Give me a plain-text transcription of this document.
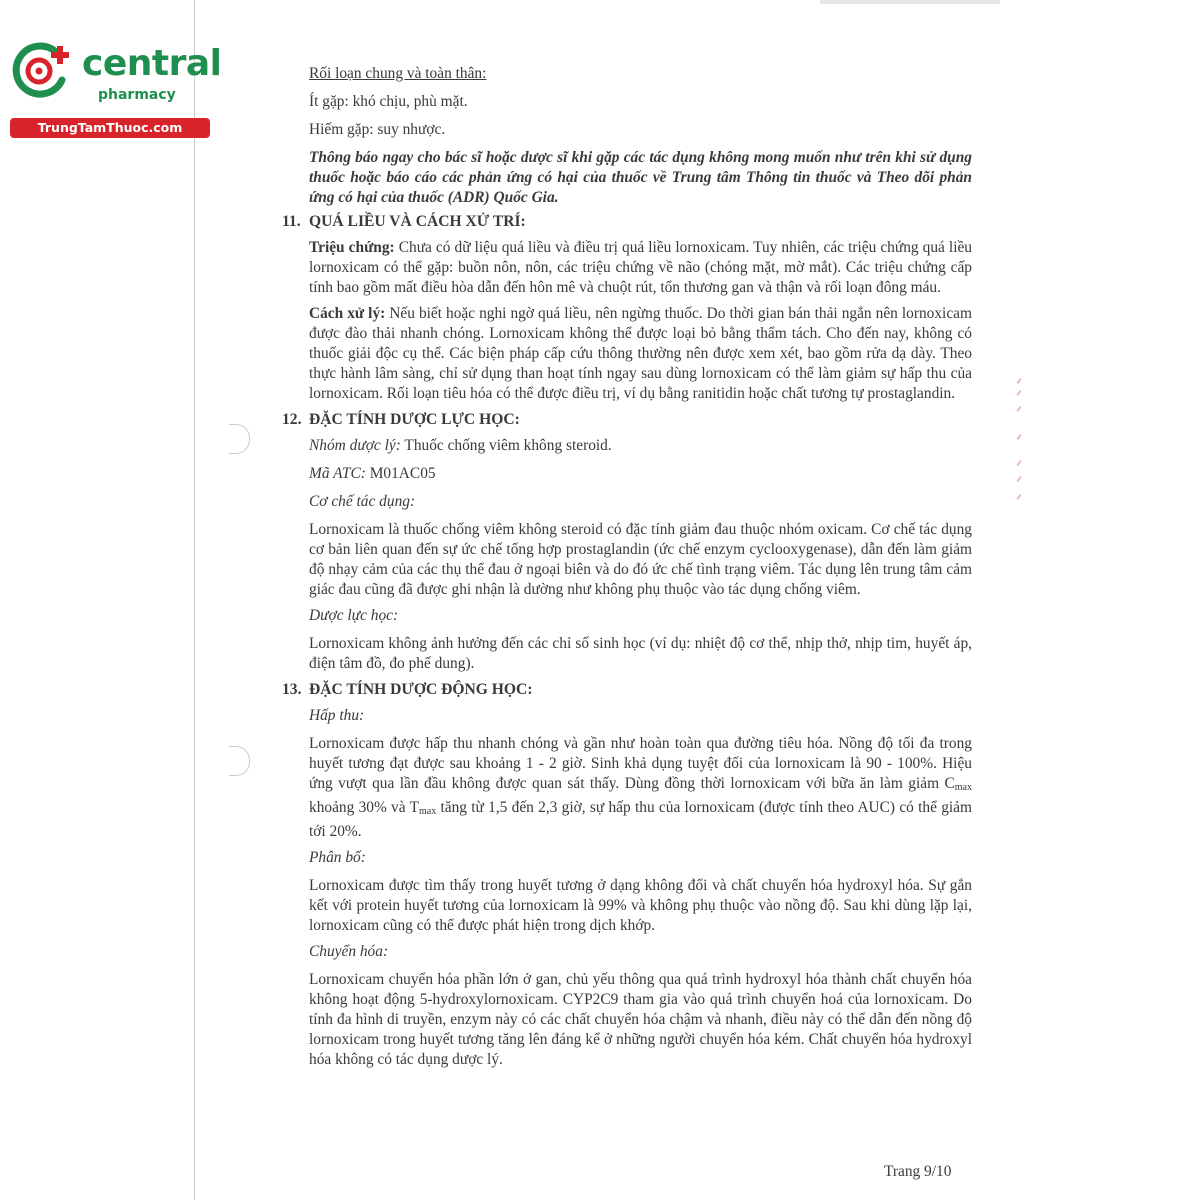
central
pharmacy
TrungTamThuoc.com
Rối loạn chung và toàn thân:
Ít gặp: khó chịu, phù mặt.
Hiếm gặp: suy nhược.
Thông báo ngay cho bác sĩ hoặc dược sĩ khi gặp các tác dụng không mong muốn như trên khi sử dụng thuốc hoặc báo cáo các phản ứng có hại của thuốc về Trung tâm Thông tin thuốc và Theo dõi phản ứng có hại của thuốc (ADR) Quốc Gia.
11. QUÁ LIỀU VÀ CÁCH XỬ TRÍ:
Triệu chứng: Chưa có dữ liệu quá liều và điều trị quá liều lornoxicam. Tuy nhiên, các triệu chứng quá liều lornoxicam có thể gặp: buồn nôn, nôn, các triệu chứng về não (chóng mặt, mờ mắt). Các triệu chứng cấp tính bao gồm mất điều hòa dẫn đến hôn mê và chuột rút, tổn thương gan và thận và rối loạn đông máu.
Cách xử lý: Nếu biết hoặc nghi ngờ quá liều, nên ngừng thuốc. Do thời gian bán thải ngắn nên lornoxicam được đào thải nhanh chóng. Lornoxicam không thể được loại bỏ bằng thẩm tách. Cho đến nay, không có thuốc giải độc cụ thể. Các biện pháp cấp cứu thông thường nên được xem xét, bao gồm rửa dạ dày. Theo thực hành lâm sàng, chỉ sử dụng than hoạt tính ngay sau dùng lornoxicam có thể làm giảm sự hấp thu của lornoxicam. Rối loạn tiêu hóa có thể được điều trị, ví dụ bằng ranitidin hoặc chất tương tự prostaglandin.
12. ĐẶC TÍNH DƯỢC LỰC HỌC:
Nhóm dược lý: Thuốc chống viêm không steroid.
Mã ATC: M01AC05
Cơ chế tác dụng:
Lornoxicam là thuốc chống viêm không steroid có đặc tính giảm đau thuộc nhóm oxicam. Cơ chế tác dụng cơ bản liên quan đến sự ức chế tổng hợp prostaglandin (ức chế enzym cyclooxygenase), dẫn đến làm giảm độ nhạy cảm của các thụ thể đau ở ngoại biên và do đó ức chế tình trạng viêm. Tác dụng lên trung tâm cảm giác đau cũng đã được ghi nhận là dường như không phụ thuộc vào tác dụng chống viêm.
Dược lực học:
Lornoxicam không ảnh hưởng đến các chỉ số sinh học (ví dụ: nhiệt độ cơ thể, nhịp thở, nhịp tim, huyết áp, điện tâm đồ, đo phế dung).
13. ĐẶC TÍNH DƯỢC ĐỘNG HỌC:
Hấp thu:
Lornoxicam được hấp thu nhanh chóng và gần như hoàn toàn qua đường tiêu hóa. Nồng độ tối đa trong huyết tương đạt được sau khoảng 1 - 2 giờ. Sinh khả dụng tuyệt đối của lornoxicam là 90 - 100%. Hiệu ứng vượt qua lần đầu không được quan sát thấy. Dùng đồng thời lornoxicam với bữa ăn làm giảm $C_{max}$ khoảng 30% và $T_{max}$ tăng từ 1,5 đến 2,3 giờ, sự hấp thu của lornoxicam (được tính theo AUC) có thể giảm tới 20%.
Phân bố:
Lornoxicam được tìm thấy trong huyết tương ở dạng không đổi và chất chuyển hóa hydroxyl hóa. Sự gắn kết với protein huyết tương của lornoxicam là 99% và không phụ thuộc vào nồng độ. Sau khi dùng lặp lại, lornoxicam cũng có thể được phát hiện trong dịch khớp.
Chuyển hóa:
Lornoxicam chuyển hóa phần lớn ở gan, chủ yếu thông qua quá trình hydroxyl hóa thành chất chuyển hóa không hoạt động 5-hydroxylornoxicam. CYP2C9 tham gia vào quá trình chuyển hoá của lornoxicam. Do tính đa hình di truyền, enzym này có các chất chuyển hóa chậm và nhanh, điều này có thể dẫn đến nồng độ lornoxicam trong huyết tương tăng lên đáng kể ở những người chuyển hóa kém. Chất chuyển hóa hydroxyl hóa không có tác dụng dược lý.
Trang 9/10
